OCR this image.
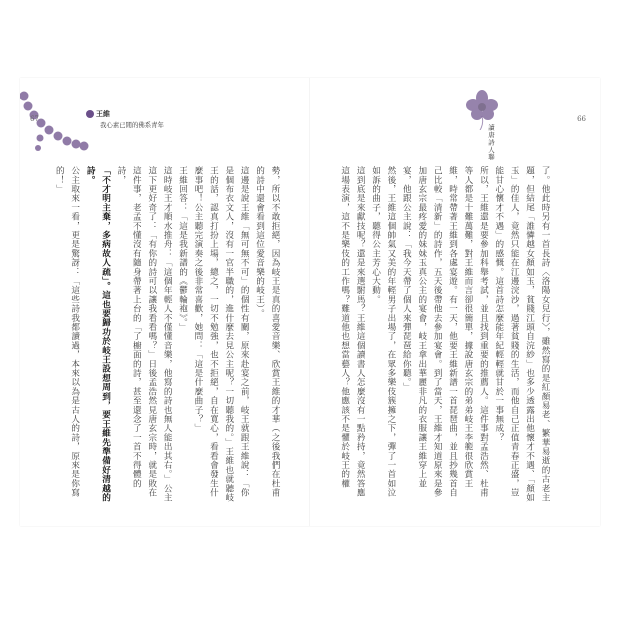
67
王維
我心素已閒的佛系青年

勢，所以不敢拒絕，因為岐王是真的喜愛音樂、欣賞王維的才華（之後我們在杜甫的詩中還會看到這位愛音樂的岐王）。

這邊是說王維「無可無不可」的個性有關，原來赴宴之前，岐王就跟王維說：「你是個布衣文人，沒有一官半職的，進什麼去見公主呢？一切聽我的。」王維也就聽岐王的話，認真打扮上場，總之，一切不勉強，也不拒絕，自在寬心，看看會發生什麼事吧！公主聽完演奏之後非常喜歡，她問：「這是什麼曲子？」

王維回答：「這是我新譜的《鬱輪袍》。」

這時岐王才順水推舟：「這個年輕人不僅懂音樂，他寫的詩也無人能出其右。」公主這下更好奇了：「有你的詩可以讓我看看嗎？」日後孟浩然見唐玄宗時，就是敗在這件事，老孟不懂沒有隨身帶著上台的「了櫥面的詩，甚至還念了一首不得體的詩，

「不才明主棄，多病故人疏」。這也要歸功於岐王設想周到，要王維先準備好清越的詩。

公主取來一看，更是驚訝：「這些詩我都讀過，本來以為是古人的詩，原來是你寫的！」

66
讀唐詩人聯

了。他此時另有一首長詩〈洛陽女兒行〉，雖然寫的是紅顏易老、繁華易逝的古老主題，但結尾「誰憐越女顏如玉，貧賤江頭自浣紗」也多少透露出他懷才不遇、「顏如玉」的佳人，竟然只能在江邊浣沙，過著貧賤的生活，而他自己正值青春正盛，豈能甘心懷才不遇」的感慨。這首詩怎麼能年紀輕輕就甘於一事無成？

所以，王維還是要參加科舉考試，並且找到重要的推薦人。這件事對孟浩然、杜甫等人都是十難萬難，對王維而言卻很簡單，據說唐玄宗的弟弟岐王李範很欣賞王維，時常帶著王維到各處宴遊。有一天，他要王維新譜一首琵琶曲，並且抄幾首自己比較「清新」的詩作，五天後帶他去參加宴會。到了當天，王維才知道原來是參加唐玄宗最疼愛的妹妹玉真公主的宴會，岐王拿出華麗非凡的衣服讓王維穿上並宴，他跟公主說：「我今天帶了個人來彈琵琶給你聽。」

然後，王維這個帥氣又美的年輕男子出場了，在眾多樂伎簇擁之下，彈了一首如泣如訴的曲子，聽得公主芳心大動。

這到底是來獻技呢？還是來選駙馬？王維這個讀書人怎麼沒有一點矜持，竟然答應這場表演，這不是樂伎的工作嗎？難道他也想當藝人？他應該不是懼於岐王的權
